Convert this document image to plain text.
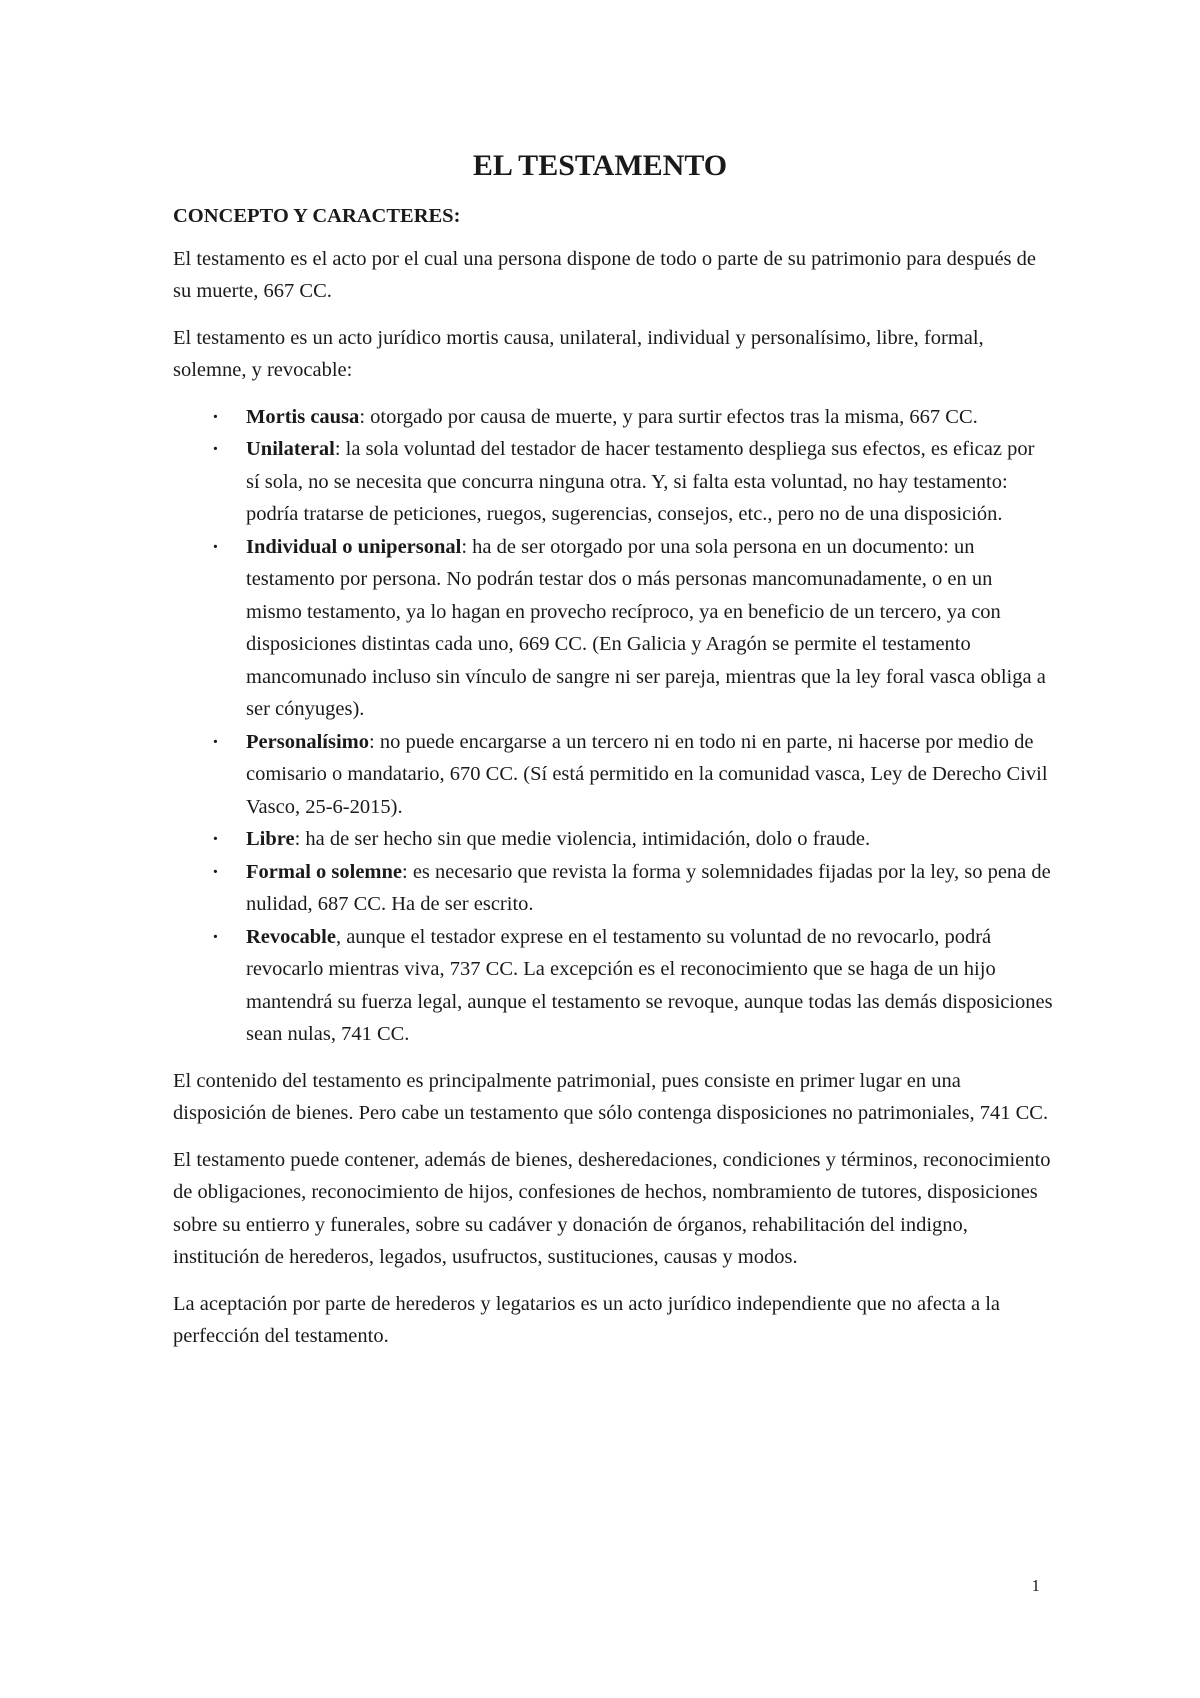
EL TESTAMENTO

CONCEPTO Y CARACTERES:

El testamento es el acto por el cual una persona dispone de todo o parte de su patrimonio para después de su muerte, 667 CC.

El testamento es un acto jurídico mortis causa, unilateral, individual y personalísimo, libre, formal, solemne, y revocable:

· Mortis causa: otorgado por causa de muerte, y para surtir efectos tras la misma, 667 CC.
· Unilateral: la sola voluntad del testador de hacer testamento despliega sus efectos, es eficaz por sí sola, no se necesita que concurra ninguna otra. Y, si falta esta voluntad, no hay testamento: podría tratarse de peticiones, ruegos, sugerencias, consejos, etc., pero no de una disposición.
· Individual o unipersonal: ha de ser otorgado por una sola persona en un documento: un testamento por persona. No podrán testar dos o más personas mancomunadamente, o en un mismo testamento, ya lo hagan en provecho recíproco, ya en beneficio de un tercero, ya con disposiciones distintas cada uno, 669 CC. (En Galicia y Aragón se permite el testamento mancomunado incluso sin vínculo de sangre ni ser pareja, mientras que la ley foral vasca obliga a ser cónyuges).
· Personalísimo: no puede encargarse a un tercero ni en todo ni en parte, ni hacerse por medio de comisario o mandatario, 670 CC. (Sí está permitido en la comunidad vasca, Ley de Derecho Civil Vasco, 25-6-2015).
· Libre: ha de ser hecho sin que medie violencia, intimidación, dolo o fraude.
· Formal o solemne: es necesario que revista la forma y solemnidades fijadas por la ley, so pena de nulidad, 687 CC. Ha de ser escrito.
· Revocable, aunque el testador exprese en el testamento su voluntad de no revocarlo, podrá revocarlo mientras viva, 737 CC. La excepción es el reconocimiento que se haga de un hijo mantendrá su fuerza legal, aunque el testamento se revoque, aunque todas las demás disposiciones sean nulas, 741 CC.

El contenido del testamento es principalmente patrimonial, pues consiste en primer lugar en una disposición de bienes. Pero cabe un testamento que sólo contenga disposiciones no patrimoniales, 741 CC.

El testamento puede contener, además de bienes, desheredaciones, condiciones y términos, reconocimiento de obligaciones, reconocimiento de hijos, confesiones de hechos, nombramiento de tutores, disposiciones sobre su entierro y funerales, sobre su cadáver y donación de órganos, rehabilitación del indigno, institución de herederos, legados, usufructos, sustituciones, causas y modos.

La aceptación por parte de herederos y legatarios es un acto jurídico independiente que no afecta a la perfección del testamento.

1
